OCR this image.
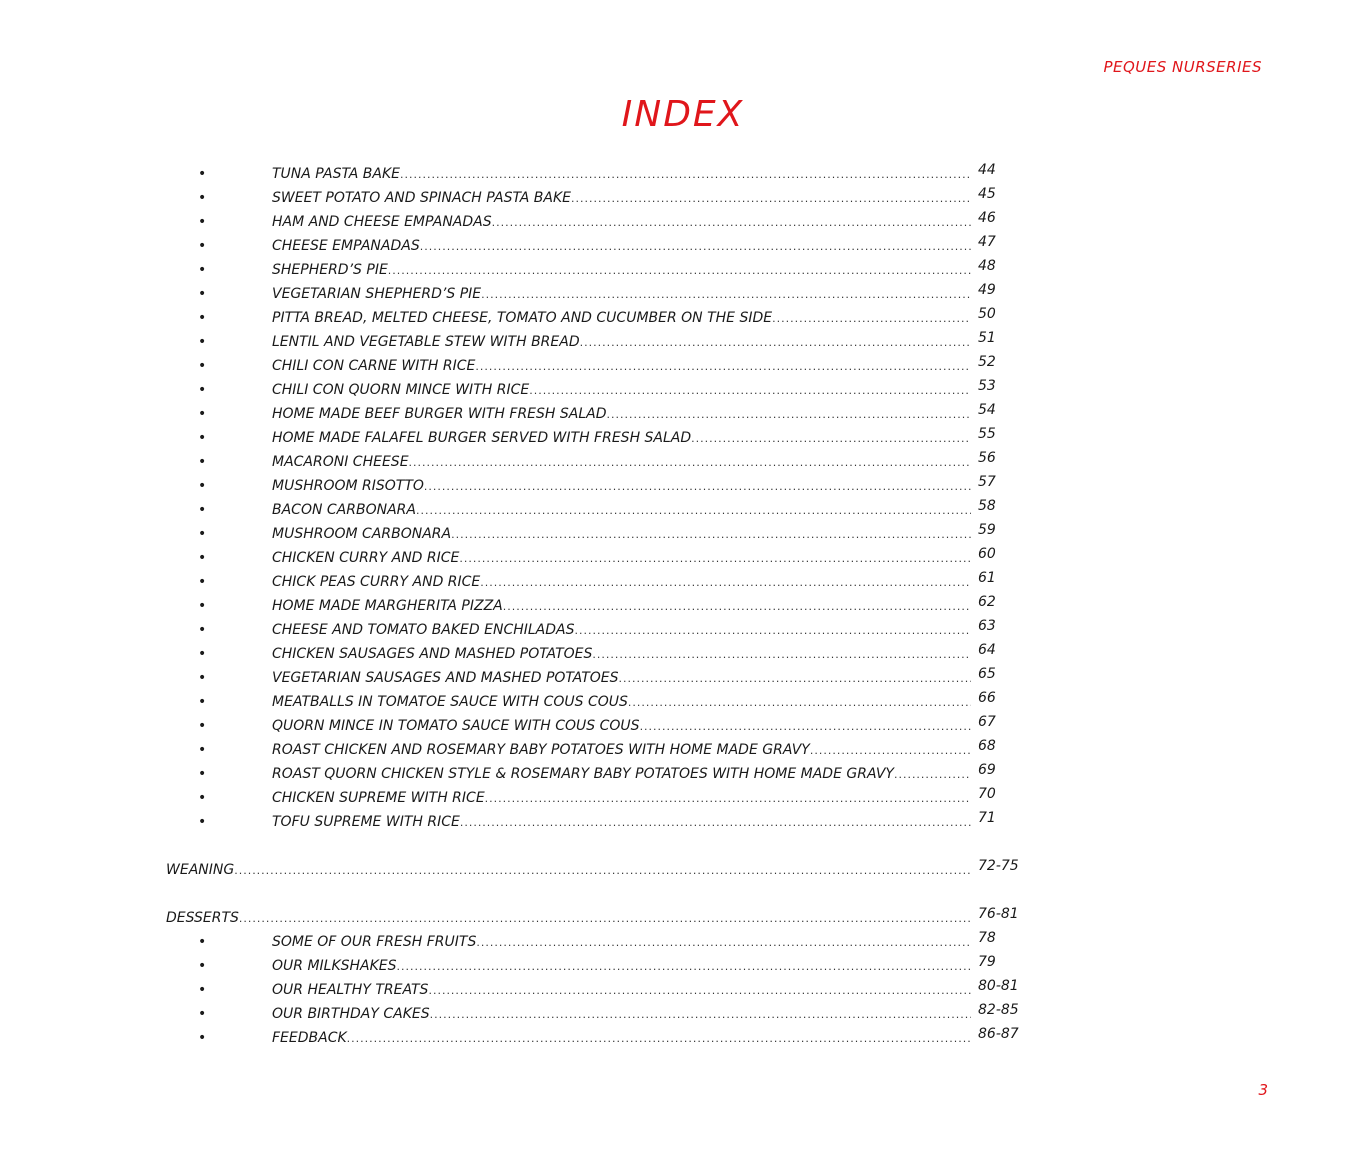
PEQUES NURSERIES
INDEX
•	TUNA PASTA BAKE .....	44
•	SWEET POTATO AND SPINACH PASTA BAKE .....	45
•	HAM AND CHEESE EMPANADAS .....	46
•	CHEESE EMPANADAS .....	47
•	SHEPHERD’S PIE .....	48
•	VEGETARIAN SHEPHERD’S PIE .....	49
•	PITTA BREAD, MELTED CHEESE, TOMATO AND CUCUMBER ON THE SIDE .....	50
•	LENTIL AND VEGETABLE STEW WITH BREAD .....	51
•	CHILI CON CARNE WITH RICE .....	52
•	CHILI CON QUORN MINCE WITH RICE .....	53
•	HOME MADE BEEF BURGER WITH FRESH SALAD .....	54
•	HOME MADE FALAFEL BURGER SERVED WITH FRESH SALAD .....	55
•	MACARONI CHEESE .....	56
•	MUSHROOM RISOTTO .....	57
•	BACON CARBONARA .....	58
•	MUSHROOM CARBONARA .....	59
•	CHICKEN CURRY AND RICE .....	60
•	CHICK PEAS CURRY AND RICE .....	61
•	HOME MADE MARGHERITA PIZZA .....	62
•	CHEESE AND TOMATO BAKED ENCHILADAS .....	63
•	CHICKEN SAUSAGES AND MASHED POTATOES .....	64
•	VEGETARIAN SAUSAGES AND MASHED POTATOES .....	65
•	MEATBALLS IN TOMATOE SAUCE WITH COUS COUS .....	66
•	QUORN MINCE IN TOMATO SAUCE WITH COUS COUS .....	67
•	ROAST CHICKEN AND ROSEMARY BABY POTATOES WITH HOME MADE GRAVY .....	68
•	ROAST QUORN CHICKEN STYLE & ROSEMARY BABY POTATOES WITH HOME MADE GRAVY .....	69
•	CHICKEN SUPREME WITH RICE .....	70
•	TOFU SUPREME WITH RICE .....	71
WEANING .....	72-75
DESSERTS .....	76-81
•	SOME OF OUR FRESH FRUITS .....	78
•	OUR MILKSHAKES .....	79
•	OUR HEALTHY TREATS .....	80-81
•	OUR BIRTHDAY CAKES .....	82-85
•	FEEDBACK .....	86-87
3
